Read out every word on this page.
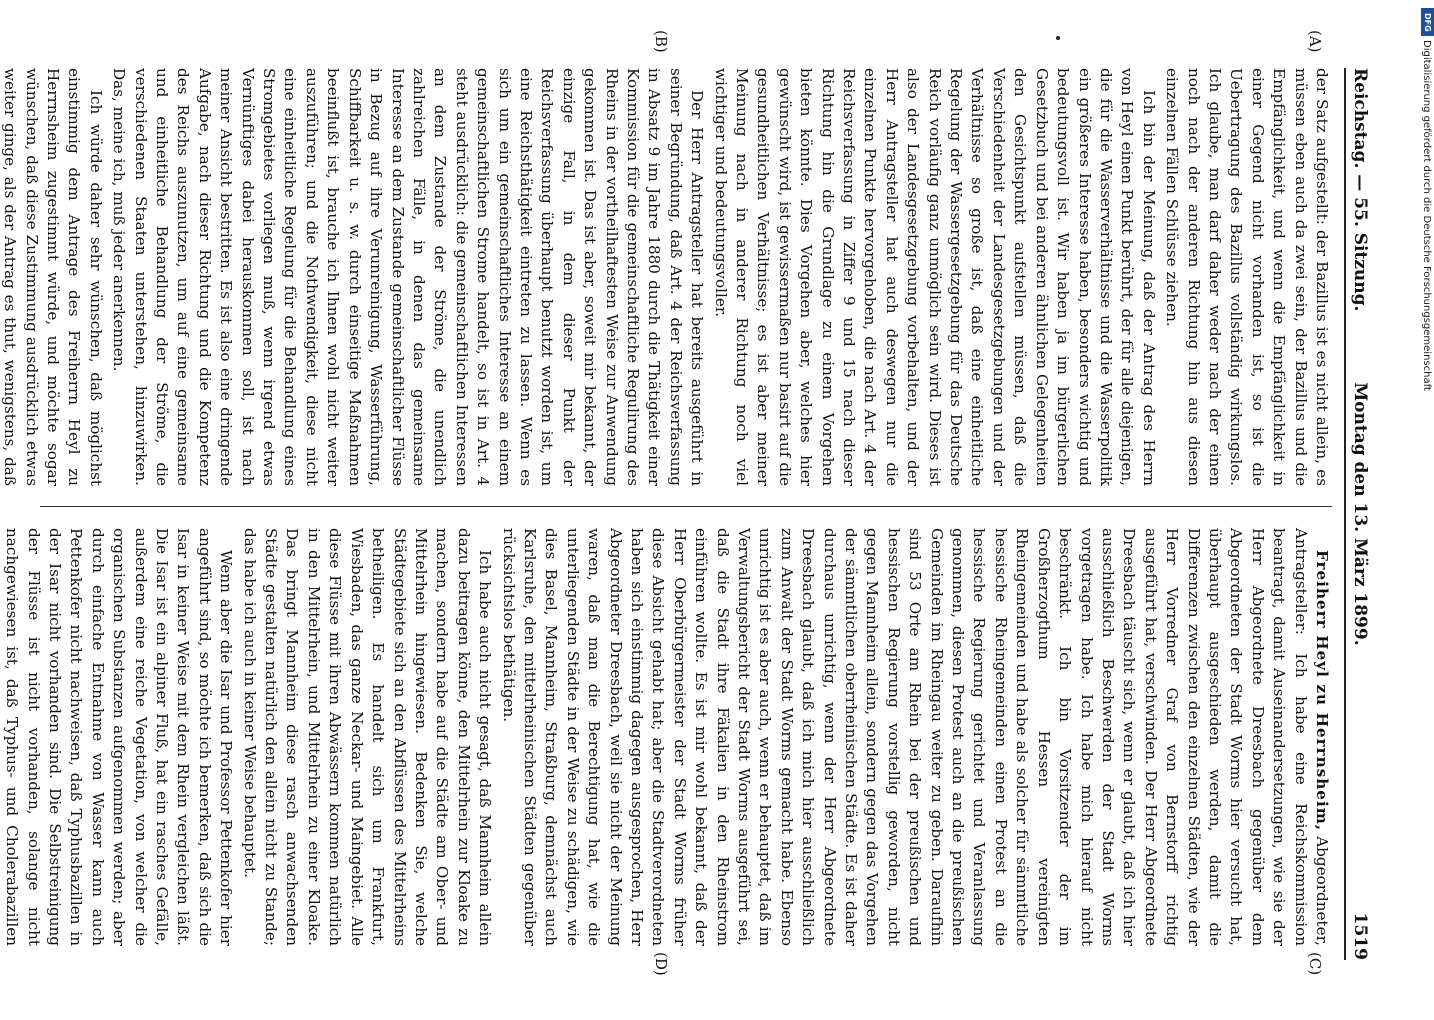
Reichstag. — 55. Sitzung.
Montag den 13. März 1899.
1519
(A)
(B)
(C)
(D)

der Satz aufgestellt: der Bazillus ist es nicht allein, es müssen eben auch da zwei sein, der Bazillus und die Empfänglichkeit, und wenn die Empfänglichkeit in einer Gegend nicht vorhanden ist, so ist die Uebertragung des Bazillus vollständig wirkungslos. Ich glaube, man darf daher weder nach der einen noch nach der anderen Richtung hin aus diesen einzelnen Fällen Schlüsse ziehen.

Ich bin der Meinung, daß der Antrag des Herrn von Heyl einen Punkt berührt, der für alle diejenigen, die für die Wasserverhältnisse und die Wasserpolitik ein größeres Interesse haben, besonders wichtig und bedeutungsvoll ist. Wir haben ja im bürgerlichen Gesetzbuch und bei anderen ähnlichen Gelegenheiten den Gesichtspunkt aufstellen müssen, daß die Verschiedenheit der Landesgesetzgebungen und der Verhältnisse so große ist, daß eine einheitliche Regelung der Wassergesetzgebung für das Deutsche Reich vorläufig ganz unmöglich sein wird. Dieses ist also der Landesgesetzgebung vorbehalten, und der Herr Antragsteller hat auch deswegen nur die einzelnen Punkte hervorgehoben, die nach Art. 4 der Reichsverfassung in Ziffer 9 und 15 nach dieser Richtung hin die Grundlage zu einem Vorgehen bieten könnte. Dies Vorgehen aber, welches hier gewünscht wird, ist gewissermaßen nur basirt auf die gesundheitlichen Verhältnisse; es ist aber meiner Meinung nach in anderer Richtung noch viel wichtiger und bedeutungsvoller.

Der Herr Antragsteller hat bereits ausgeführt in seiner Begründung, daß Art. 4 der Reichsverfassung in Absatz 9 im Jahre 1880 durch die Thätigkeit einer Kommission für die gemeinschaftliche Regulirung des Rheins in der vortheilhaftesten Weise zur Anwendung gekommen ist. Das ist aber, soweit mir bekannt, der einzige Fall, in dem dieser Punkt der Reichsverfassung überhaupt benutzt worden ist, um eine Reichsthätigkeit eintreten zu lassen. Wenn es sich um ein gemeinschaftliches Interesse an einem gemeinschaftlichen Strome handelt, so ist in Art. 4 steht ausdrücklich: die gemeinschaftlichen Interessen an dem Zustande der Ströme, die unendlich zahlreichen Fälle, in denen das gemeinsame Interesse an dem Zustande gemeinschaftlicher Flüsse in Bezug auf ihre Verunreinigung, Wasserführung, Schiffbarkeit u. s. w. durch einseitige Maßnahmen beeinflußt ist, brauche ich Ihnen wohl nicht weiter auszuführen; und die Nothwendigkeit, diese nicht eine einheitliche Regelung für die Behandlung eines Stromgebietes vorliegen muß, wenn irgend etwas Vernünftiges dabei herauskommen soll, ist nach meiner Ansicht bestritten. Es ist also eine dringende Aufgabe, nach dieser Richtung und die Kompetenz des Reichs auszunutzen, um auf eine gemeinsame und einheitliche Behandlung der Ströme, die verschiedenen Staaten unterstehen, hinzuwirken. Das, meine ich, muß jeder anerkennen.

Ich würde daher sehr wünschen, daß möglichst einstimmig dem Antrage des Freiherrn Heyl zu Herrnsheim zugestimmt würde, und möchte sogar wünschen, daß diese Zustimmung ausdrücklich etwas weiter ginge, als der Antrag es thut, wenigstens, daß

Freiherr Heyl zu Herrnsheim, Abgeordneter, Antragsteller: Ich habe eine Reichskommission beantragt, damit Auseinandersetzungen, wie sie der Herr Abgeordnete Dreesbach gegenüber dem Abgeordneten der Stadt Worms hier versucht hat, überhaupt ausgeschieden werden, damit die Differenzen zwischen den einzelnen Städten, wie der Herr Vorredner Graf von Bernstorff richtig ausgeführt hat, verschwinden. Der Herr Abgeordnete Dreesbach täuscht sich, wenn er glaubt, daß ich hier ausschließlich Beschwerden der Stadt Worms vorgetragen habe. Ich habe mich hierauf nicht beschränkt. Ich bin Vorsitzender der im Großherzogthum Hessen vereinigten Rheingemeinden und habe als solcher für sämmtliche hessische Rheingemeinden einen Protest an die hessische Regierung gerichtet und Veranlassung genommen, diesen Protest auch an die preußischen Gemeinden im Rheingau weiter zu geben. Daraufhin sind 53 Orte am Rhein bei der preußischen und hessischen Regierung vorstellig geworden, nicht gegen Mannheim allein, sondern gegen das Vorgehen der sämmtlichen oberrheinischen Städte. Es ist daher durchaus unrichtig, wenn der Herr Abgeordnete Dreesbach glaubt, daß ich mich hier ausschließlich zum Anwalt der Stadt Worms gemacht habe. Ebenso unrichtig ist es aber auch, wenn er behauptet, daß im Verwaltungsbericht der Stadt Worms ausgeführt sei, daß die Stadt ihre Fäkalien in den Rheinstrom einführen wollte. Es ist mir wohl bekannt, daß der Herr Oberbürgermeister der Stadt Worms früher diese Absicht gehabt hat; aber die Stadtverordneten haben sich einstimmig dagegen ausgesprochen, Herr Abgeordneter Dreesbach, weil sie nicht der Meinung waren, daß man die Berechtigung hat, wie die unterliegenden Städte in der Weise zu schädigen, wie dies Basel, Mannheim, Straßburg, demnächst auch Karlsruhe, den mittelrheinischen Städten gegenüber rücksichtslos bethätigen.

Ich habe auch nicht gesagt, daß Mannheim allein dazu beitragen könne, den Mittelrhein zur Kloake zu machen, sondern habe auf die Städte am Ober- und Mittelrhein hingewiesen. Bedenken Sie, welche Städtegebiete sich an den Abflüssen des Mittelrheins betheiligen. Es handelt sich um Frankfurt, Wiesbaden, das ganze Neckar- und Maingebiet. Alle diese Flüsse mit ihren Abwässern kommen natürlich in den Mittelrhein, und Mittelrhein zu einer Kloake. Das bringt Mannheim diese rasch anwachsenden Städte gestalten natürlich den allein nicht zu Stande; das habe ich auch in keiner Weise behauptet.

Wenn aber die Isar und Professor Pettenkofer hier angeführt sind, so möchte ich bemerken, daß sich die Isar in keiner Weise mit dem Rhein vergleichen läßt. Die Isar ist ein alpiner Fluß, hat ein rasches Gefälle, außerdem eine reiche Vegetation, von welcher die organischen Substanzen aufgenommen werden; aber durch einfache Entnahme von Wasser kann auch Pettenkofer nicht nachweisen, daß Typhusbazillen in der Isar nicht vorhanden sind. Die Selbstreinigung der Flüsse ist nicht vorhanden, solange nicht nachgewiesen ist, daß Typhus- und Cholerabazillen

DFG
Digitalisierung gefördert durch die Deutsche Forschungsgemeinschaft
